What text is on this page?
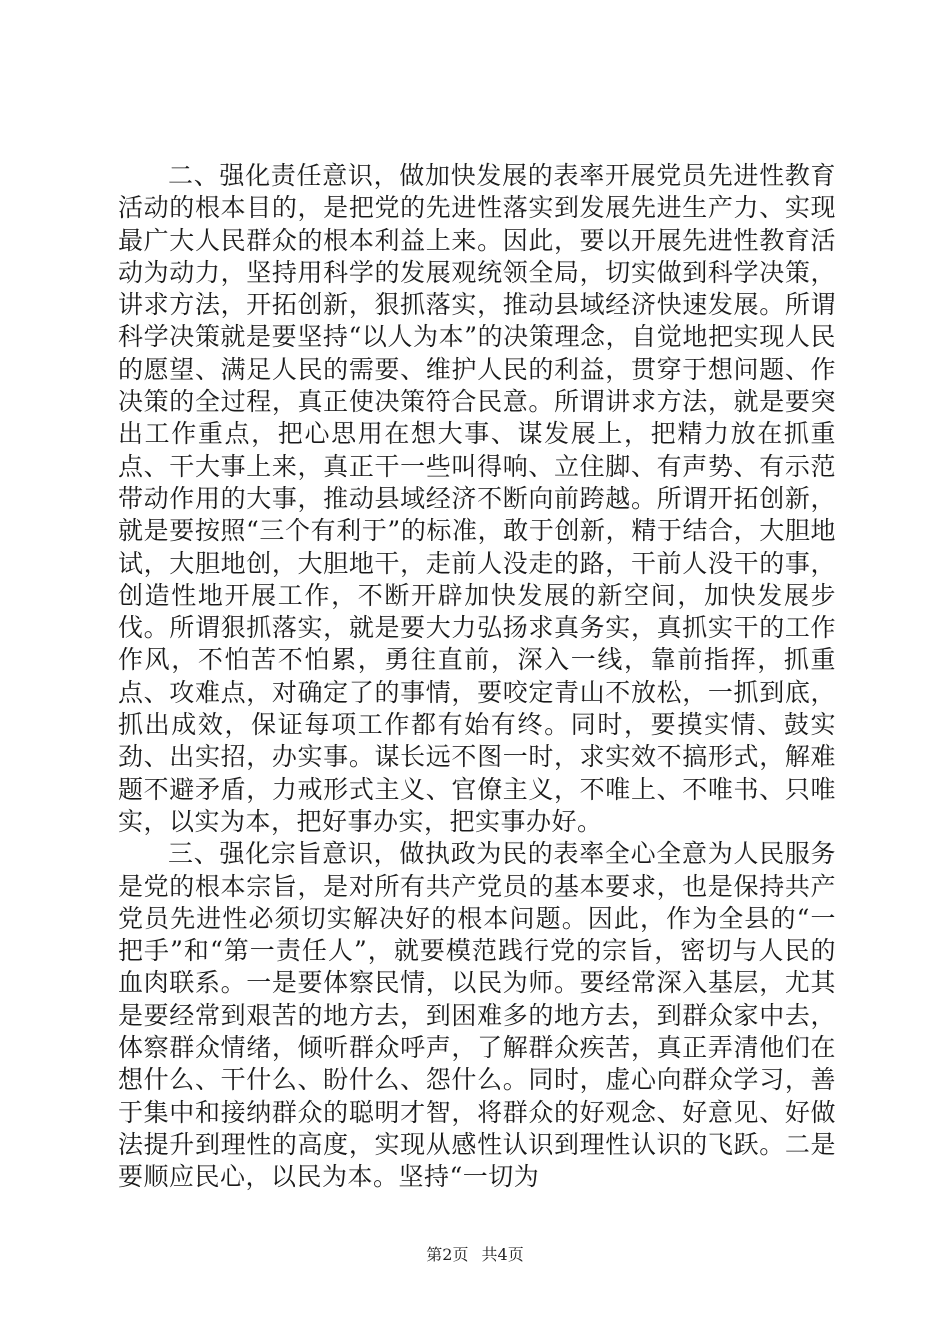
二、强化责任意识，做加快发展的表率开展党员先进性教育活动的根本目的，是把党的先进性落实到发展先进生产力、实现最广大人民群众的根本利益上来。因此，要以开展先进性教育活动为动力，坚持用科学的发展观统领全局，切实做到科学决策，讲求方法，开拓创新，狠抓落实，推动县域经济快速发展。所谓科学决策就是要坚持“以人为本”的决策理念，自觉地把实现人民的愿望、满足人民的需要、维护人民的利益，贯穿于想问题、作决策的全过程，真正使决策符合民意。所谓讲求方法，就是要突出工作重点，把心思用在想大事、谋发展上，把精力放在抓重点、干大事上来，真正干一些叫得响、立住脚、有声势、有示范带动作用的大事，推动县域经济不断向前跨越。所谓开拓创新，就是要按照“三个有利于”的标准，敢于创新，精于结合，大胆地试，大胆地创，大胆地干，走前人没走的路，干前人没干的事，创造性地开展工作，不断开辟加快发展的新空间，加快发展步伐。所谓狠抓落实，就是要大力弘扬求真务实，真抓实干的工作作风，不怕苦不怕累，勇往直前，深入一线，靠前指挥，抓重点、攻难点，对确定了的事情，要咬定青山不放松，一抓到底，抓出成效，保证每项工作都有始有终。同时，要摸实情、鼓实劲、出实招，办实事。谋长远不图一时，求实效不搞形式，解难题不避矛盾，力戒形式主义、官僚主义，不唯上、不唯书、只唯实，以实为本，把好事办实，把实事办好。

三、强化宗旨意识，做执政为民的表率全心全意为人民服务是党的根本宗旨，是对所有共产党员的基本要求，也是保持共产党员先进性必须切实解决好的根本问题。因此，作为全县的“一把手”和“第一责任人”，就要模范践行党的宗旨，密切与人民的血肉联系。一是要体察民情，以民为师。要经常深入基层，尤其是要经常到艰苦的地方去，到困难多的地方去，到群众家中去，体察群众情绪，倾听群众呼声，了解群众疾苦，真正弄清他们在想什么、干什么、盼什么、怨什么。同时，虚心向群众学习，善于集中和接纳群众的聪明才智，将群众的好观念、好意见、好做法提升到理性的高度，实现从感性认识到理性认识的飞跃。二是要顺应民心，以民为本。坚持“一切为

第2页 共4页
